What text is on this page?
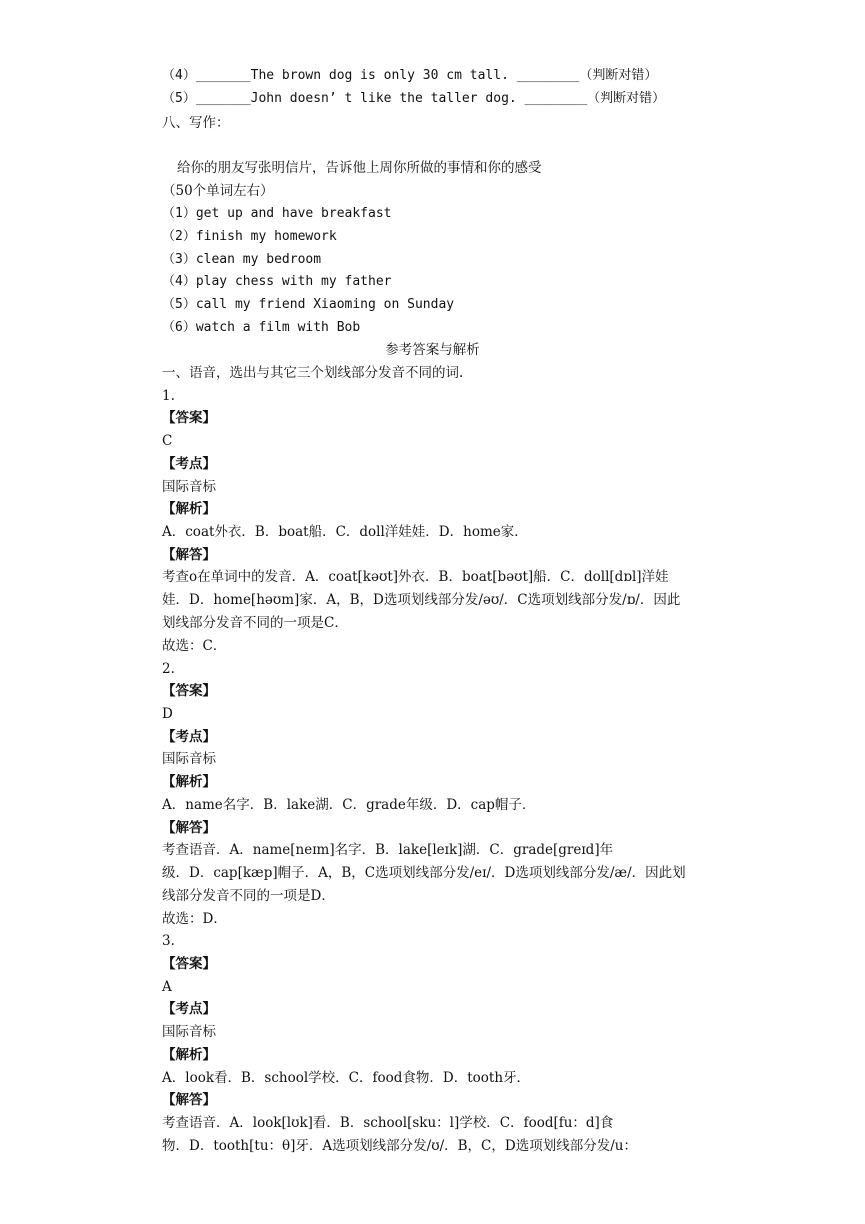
（4）_______The brown dog is only 30 cm tall. ________（判断对错）
（5）_______John doesn’ t like the taller dog. ________（判断对错）
八、写作：
给你的朋友写张明信片，告诉他上周你所做的事情和你的感受
（50个单词左右）
（1）get up and have breakfast
（2）finish my homework
（3）clean my bedroom
（4）play chess with my father
（5）call my friend Xiaoming on Sunday
（6）watch a film with Bob
参考答案与解析
一、语音，选出与其它三个划线部分发音不同的词.
1.
【答案】
C
【考点】
国际音标
【解析】
A．coat外衣．B．boat船．C．doll洋娃娃．D．home家．
【解答】
考查o在单词中的发音．A．coat[kəʊt]外衣．B．boat[bəʊt]船．C．doll[dɒl]洋娃
娃．D．home[həʊm]家．A，B，D选项划线部分发/əʊ/．C选项划线部分发/ɒ/．因此
划线部分发音不同的一项是C．
故选：C．
2.
【答案】
D
【考点】
国际音标
【解析】
A．name名字．B．lake湖．C．grade年级．D．cap帽子．
【解答】
考查语音．A．name[neɪm]名字．B．lake[leɪk]湖．C．grade[greɪd]年
级．D．cap[kæp]帽子．A，B，C选项划线部分发/eɪ/．D选项划线部分发/æ/．因此划
线部分发音不同的一项是D．
故选：D．
3.
【答案】
A
【考点】
国际音标
【解析】
A．look看．B．school学校．C．food食物．D．tooth牙．
【解答】
考查语音．A．look[lʊk]看．B．school[sku：l]学校．C．food[fu：d]食
物．D．tooth[tu：θ]牙．A选项划线部分发/ʊ/．B，C，D选项划线部分发/u：
